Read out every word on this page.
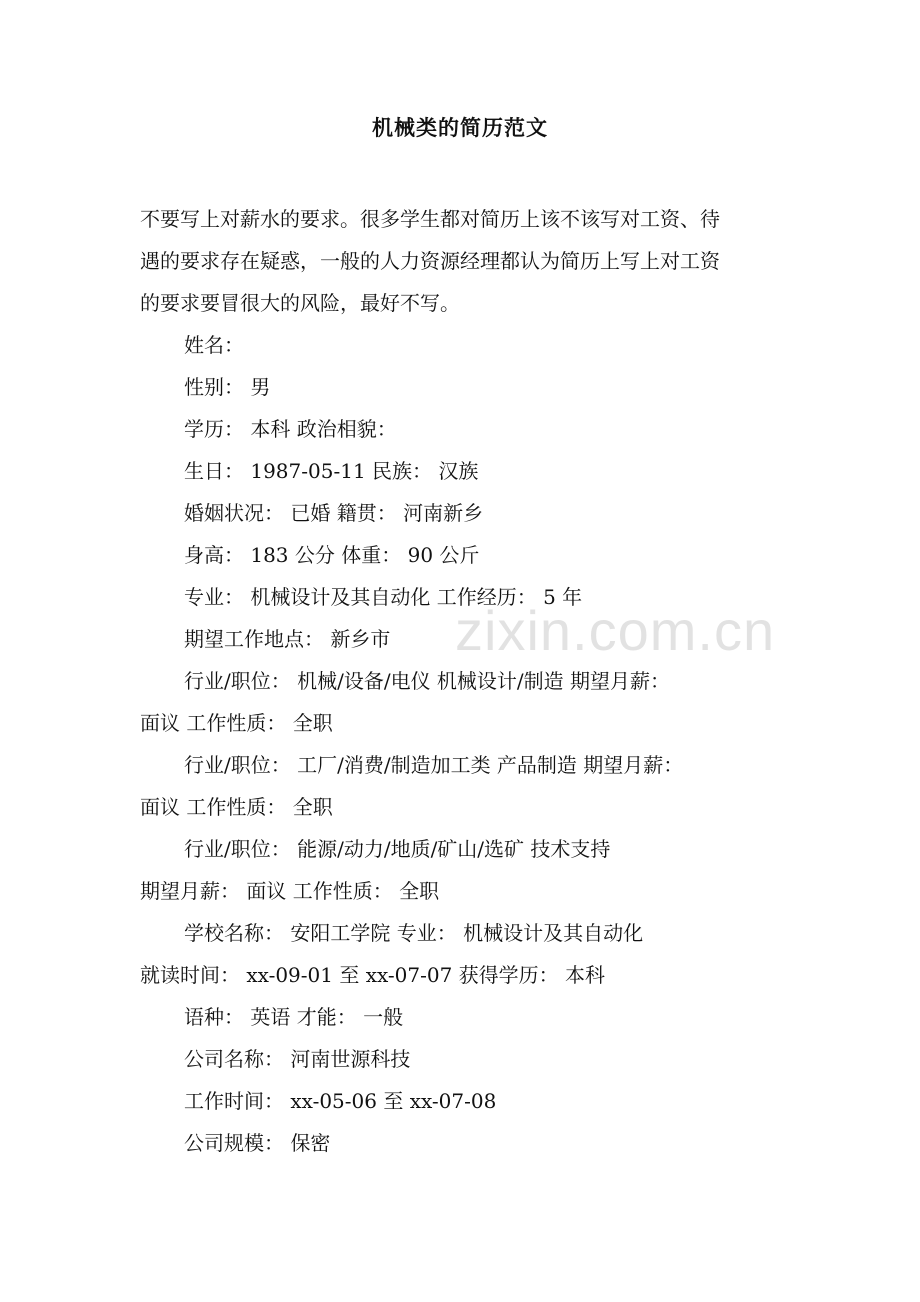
机械类的简历范文

不要写上对薪水的要求。很多学生都对简历上该不该写对工资、待

遇的要求存在疑惑，一般的人力资源经理都认为简历上写上对工资

的要求要冒很大的风险，最好不写。

姓名：

性别： 男

学历： 本科 政治相貌：

生日： 1987-05-11 民族： 汉族

婚姻状况： 已婚 籍贯： 河南新乡

身高： 183 公分 体重： 90 公斤

专业： 机械设计及其自动化 工作经历： 5 年

期望工作地点： 新乡市

行业/职位： 机械/设备/电仪 机械设计/制造 期望月薪：

面议 工作性质： 全职

行业/职位： 工厂/消费/制造加工类 产品制造 期望月薪：

面议 工作性质： 全职

行业/职位： 能源/动力/地质/矿山/选矿 技术支持

期望月薪： 面议 工作性质： 全职

学校名称： 安阳工学院 专业： 机械设计及其自动化

就读时间： xx-09-01 至 xx-07-07 获得学历： 本科

语种： 英语 才能： 一般

公司名称： 河南世源科技

工作时间： xx-05-06 至 xx-07-08

公司规模： 保密

zixin.com.cn
